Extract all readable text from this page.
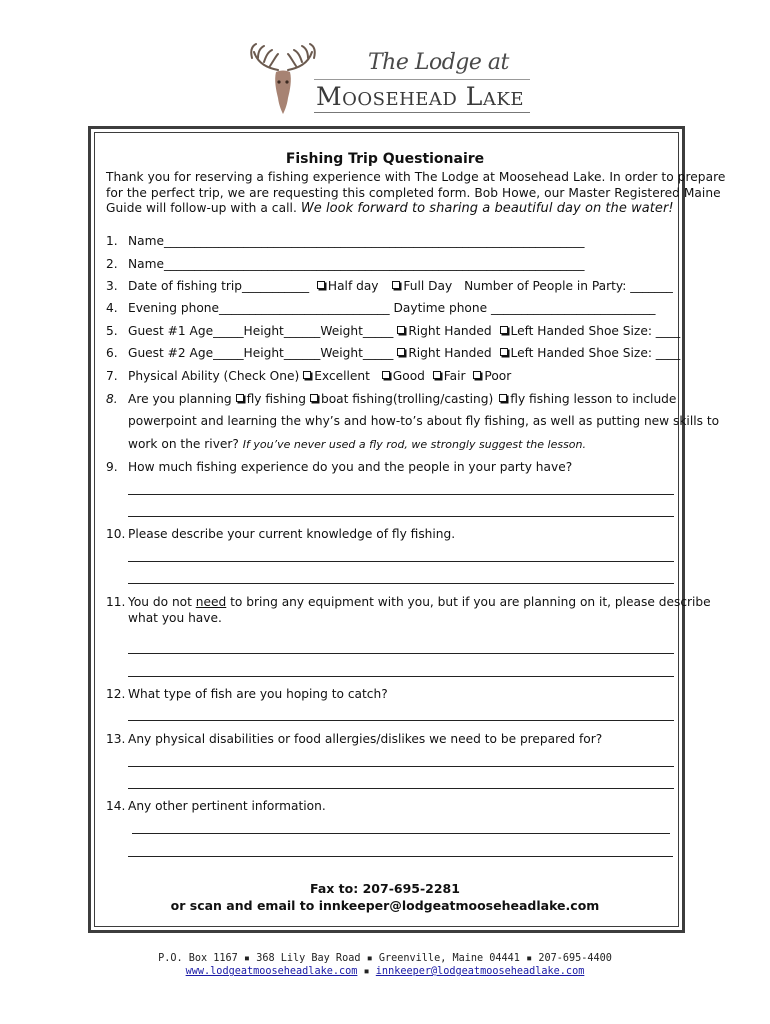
The Lodge at
Moosehead Lake
Fishing Trip Questionaire
Thank you for reserving a fishing experience with The Lodge at Moosehead Lake. In order to prepare
for the perfect trip, we are requesting this completed form. Bob Howe, our Master Registered Maine
Guide will follow-up with a call. We look forward to sharing a beautiful day on the water!
1. Name_____________________________________________________________________
2. Name_____________________________________________________________________
3. Date of fishing trip___________ Half day Full Day Number of People in Party: _______
4. Evening phone____________________________ Daytime phone ___________________________
5. Guest #1 Age_____Height______Weight_____ Right Handed Left Handed Shoe Size: ____
6. Guest #2 Age_____Height______Weight_____ Right Handed Left Handed Shoe Size: ____
7. Physical Ability (Check One) Excellent Good Fair Poor
8. Are you planning fly fishing boat fishing(trolling/casting) fly fishing lesson to include
powerpoint and learning the why’s and how-to’s about fly fishing, as well as putting new skills to
work on the river? If you’ve never used a fly rod, we strongly suggest the lesson.
9. How much fishing experience do you and the people in your party have?
10. Please describe your current knowledge of fly fishing.
11. You do not need to bring any equipment with you, but if you are planning on it, please describe
what you have.
12. What type of fish are you hoping to catch?
13. Any physical disabilities or food allergies/dislikes we need to be prepared for?
14. Any other pertinent information.
Fax to: 207-695-2281
or scan and email to innkeeper@lodgeatmooseheadlake.com
P.O. Box 1167 ▪ 368 Lily Bay Road ▪ Greenville, Maine 04441 ▪ 207-695-4400
www.lodgeatmooseheadlake.com ▪ innkeeper@lodgeatmooseheadlake.com
